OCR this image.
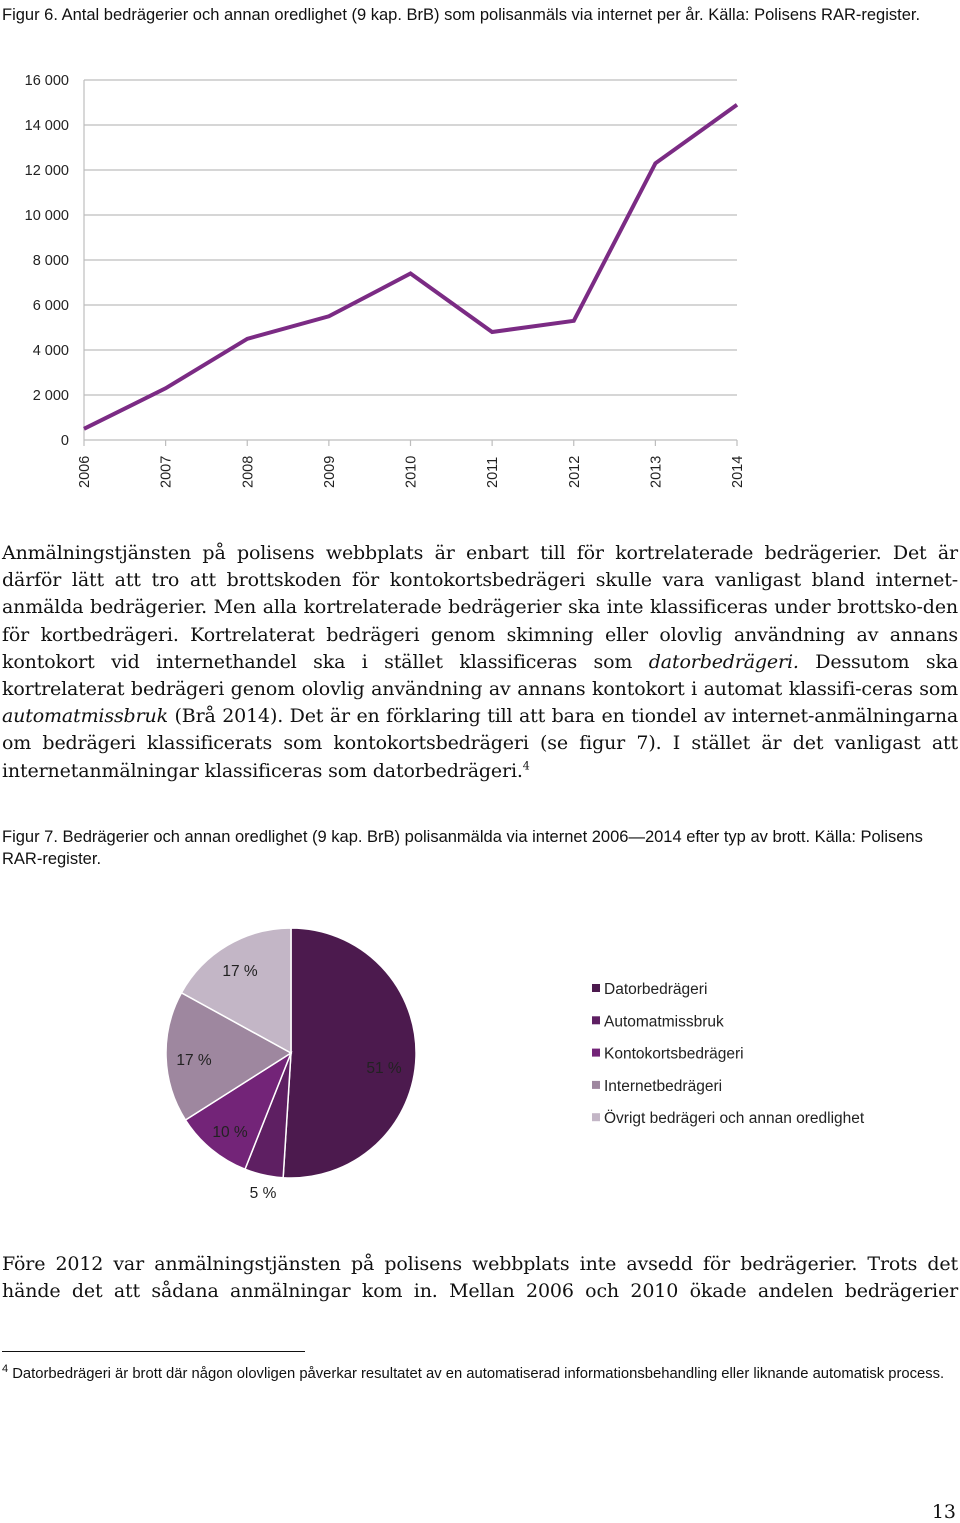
Figur 6. Antal bedrägerier och annan oredlighet (9 kap. BrB) som polisanmäls via internet per år. Källa: Polisens RAR-register.
0
2 000
4 000
6 000
8 000
10 000
12 000
14 000
16 000
2006	2007	2008	2009	2010	2011	2012	2013	2014
Anmälningstjänsten på polisens webbplats är enbart till för kortrelaterade bedrägerier. Det är därför lätt att tro att brottskoden för kontokortsbedrägeri skulle vara vanligast bland internet-anmälda bedrägerier. Men alla kortrelaterade bedrägerier ska inte klassificeras under brottsko-den för kortbedrägeri. Kortrelaterat bedrägeri genom skimning eller olovlig användning av annans kontokort vid internethandel ska i stället klassificeras som datorbedrägeri. Dessutom ska kortrelaterat bedrägeri genom olovlig användning av annans kontokort i automat klassifi-ceras som automatmissbruk (Brå 2014). Det är en förklaring till att bara en tiondel av internet-anmälningarna om bedrägeri klassificerats som kontokortsbedrägeri (se figur 7). I stället är det vanligast att internetanmälningar klassificeras som datorbedrägeri.$^4$
Figur 7. Bedrägerier och annan oredlighet (9 kap. BrB) polisanmälda via internet 2006—2014 efter typ av brott. Källa: Polisens RAR-register.
51 %
5 %
10 %
17 %
17 %
Datorbedrägeri
Automatmissbruk
Kontokortsbedrägeri
Internetbedrägeri
Övrigt bedrägeri och annan oredlighet
Före 2012 var anmälningstjänsten på polisens webbplats inte avsedd för bedrägerier. Trots det hände det att sådana anmälningar kom in. Mellan 2006 och 2010 ökade andelen bedrägerier
$^4$ Datorbedrägeri är brott där någon olovligen påverkar resultatet av en automatiserad informationsbehandling eller liknande automatisk process.
13
